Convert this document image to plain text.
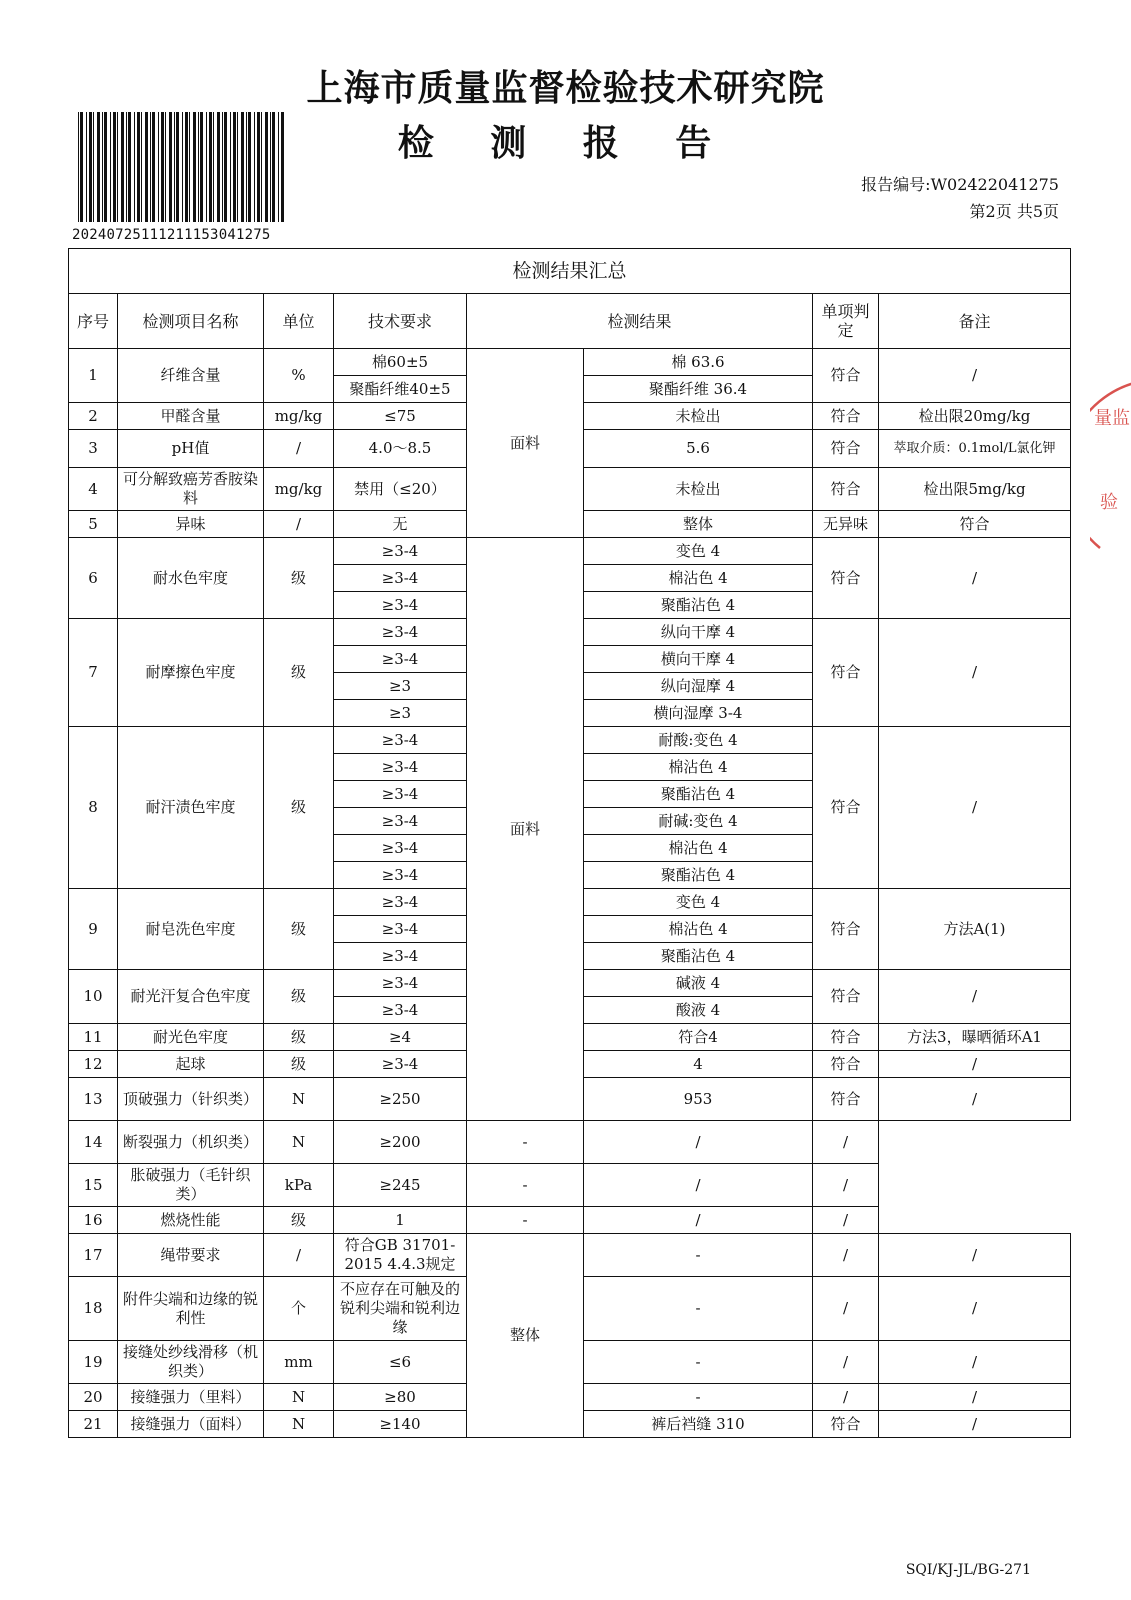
上海市质量监督检验技术研究院
检 测 报 告
20240725111211153041275
报告编号:W02422041275
第2页 共5页
量监
验
检测结果汇总								
序号	检测项目名称	单位	技术要求	检测结果		单项判定	备注	
1	纤维含量	%	棉60±5	面料	棉 63.6	符合	/	
			聚酯纤维40±5		聚酯纤维 36.4			
2	甲醛含量	mg/kg	≤75		未检出	符合	检出限20mg/kg	
3	pH值	/	4.0～8.5		5.6	符合	萃取介质：0.1mol/L氯化钾	
4	可分解致癌芳香胺染料	mg/kg	禁用（≤20）		未检出	符合	检出限5mg/kg	
5	异味	/	无		整体	无异味	符合	
6	耐水色牢度	级	≥3-4	面料	变色 4	符合	/	
			≥3-4		棉沾色 4			
			≥3-4		聚酯沾色 4			
7	耐摩擦色牢度	级	≥3-4		纵向干摩 4	符合	/	
			≥3-4		横向干摩 4			
			≥3		纵向湿摩 4			
			≥3		横向湿摩 3-4			
8	耐汗渍色牢度	级	≥3-4		耐酸:变色 4	符合	/	
			≥3-4		棉沾色 4			
			≥3-4		聚酯沾色 4			
			≥3-4		耐碱:变色 4			
			≥3-4		棉沾色 4			
			≥3-4		聚酯沾色 4			
9	耐皂洗色牢度	级	≥3-4		变色 4	符合	方法A(1)	
			≥3-4		棉沾色 4			
			≥3-4		聚酯沾色 4			
10	耐光汗复合色牢度	级	≥3-4		碱液 4	符合	/	
			≥3-4		酸液 4			
11	耐光色牢度	级	≥4		符合4	符合	方法3，曝晒循环A1	
12	起球	级	≥3-4		4	符合	/	
13	顶破强力（针织类）	N	≥250		953	符合	/	
14	断裂强力（机织类）	N	≥200	-	/	/		
15	胀破强力（毛针织类）	kPa	≥245	-	/	/		
16	燃烧性能	级	1	-	/	/		
17	绳带要求	/	符合GB 31701-2015 4.4.3规定	整体	-	/	/	
18	附件尖端和边缘的锐利性	个	不应存在可触及的锐利尖端和锐利边缘		-	/	/	
19	接缝处纱线滑移（机织类）	mm	≤6		-	/	/	
20	接缝强力（里料）	N	≥80		-	/	/	
21	接缝强力（面料）	N	≥140		裤后裆缝 310	符合	/	
SQI/KJ-JL/BG-271
